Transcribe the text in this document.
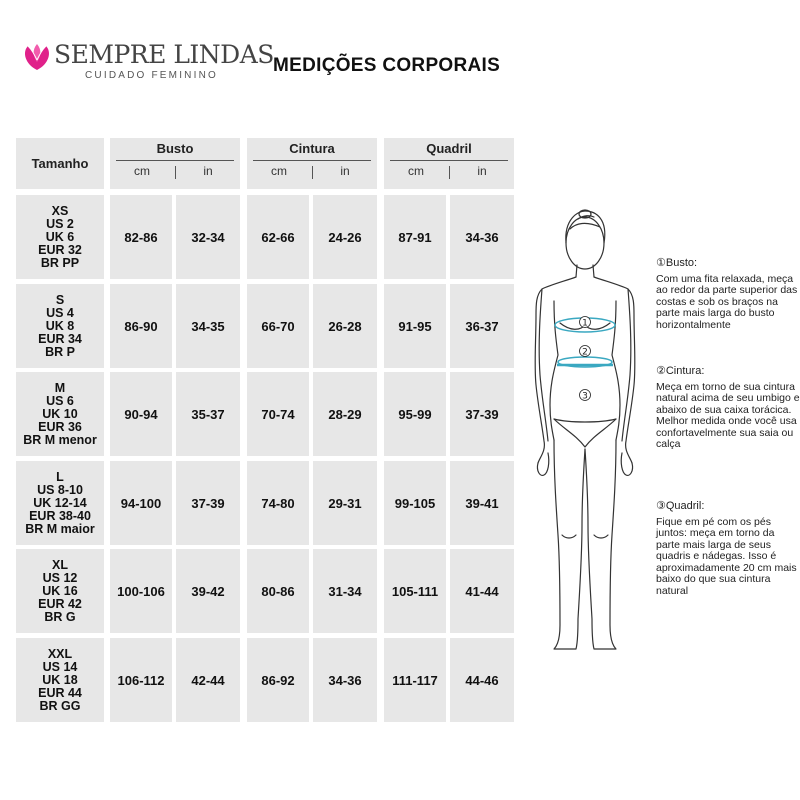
SEMPRE LINDAS
CUIDADO FEMININO	MEDIÇÕES CORPORAIS
Tamanho
Busto
cm	in
Cintura
cm	in
Quadril
cm	in
XS
US 2
UK 6
EUR 32
BR PP
82-86	32-34	62-66	24-26	87-91	34-36
S
US 4
UK 8
EUR 34
BR P
86-90	34-35	66-70	26-28	91-95	36-37
M
US 6
UK 10
EUR 36
BR M menor
90-94	35-37	70-74	28-29	95-99	37-39
L
US 8-10
UK 12-14
EUR 38-40
BR M maior
94-100	37-39	74-80	29-31	99-105	39-41
XL
US 12
UK 16
EUR 42
BR G
100-106	39-42	80-86	31-34	105-111	41-44
XXL
US 14
UK 18
EUR 44
BR GG
106-112	42-44	86-92	34-36	111-117	44-46
1
2
3
①Busto:
Com uma fita relaxada, meça ao redor da parte superior das costas e sob os braços na parte mais larga do busto horizontalmente
②Cintura:
Meça em torno de sua cintura natural acima de seu umbigo e abaixo de sua caixa torácica. Melhor medida onde você usa confortavelmente sua saia ou calça
③Quadril:
Fique em pé com os pés juntos: meça em torno da parte mais larga de seus quadris e nádegas. Isso é aproximadamente 20 cm mais baixo do que sua cintura natural
